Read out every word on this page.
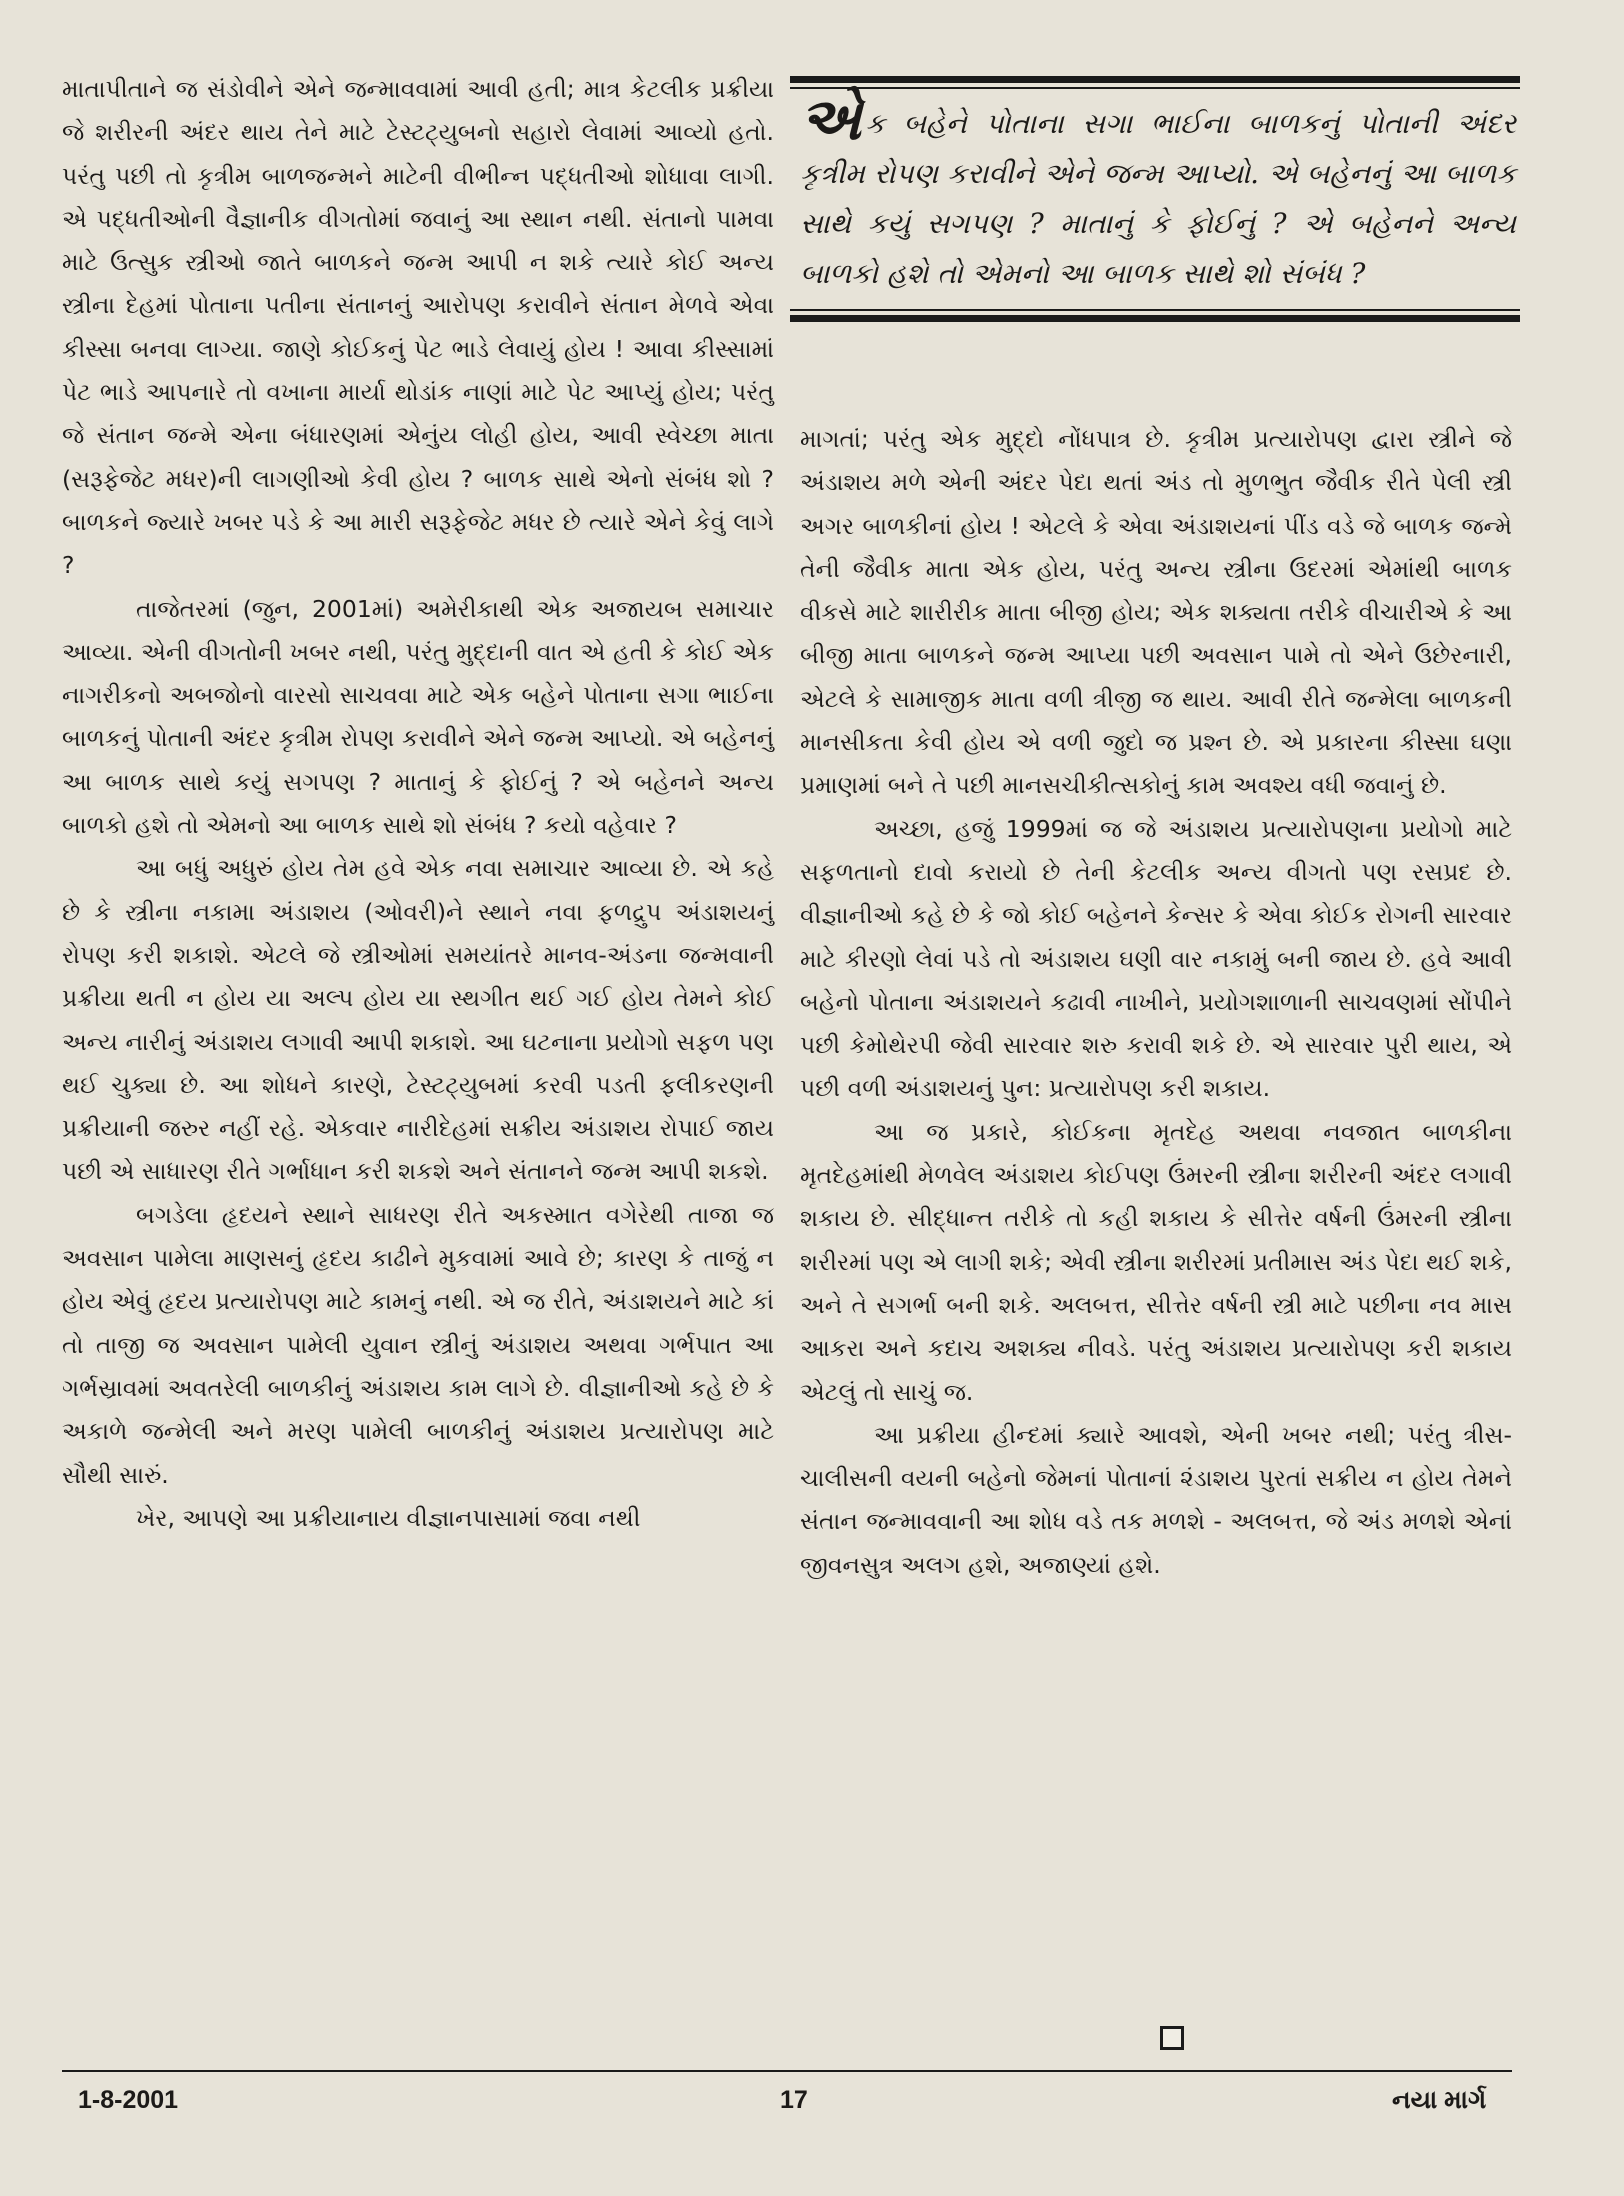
માતાપીતાને જ સંડોવીને એને જન્માવવામાં આવી હતી; માત્ર કેટલીક પ્રક્રીયા જે શરીરની અંદર થાય તેને માટે ટેસ્ટટ્યુબનો સહારો લેવામાં આવ્યો હતો. પરંતુ પછી તો કૃત્રીમ બાળજન્મને માટેની વીભીન્ન પદ્ધતીઓ શોધાવા લાગી. એ પદ્ધતીઓની વૈજ્ઞાનીક વીગતોમાં જવાનું આ સ્થાન નથી. સંતાનો પામવા માટે ઉત્સુક સ્ત્રીઓ જાતે બાળકને જન્મ આપી ન શકે ત્યારે કોઈ અન્ય સ્ત્રીના દેહમાં પોતાના પતીના સંતાનનું આરોપણ કરાવીને સંતાન મેળવે એવા કીસ્સા બનવા લાગ્યા. જાણે કોઈકનું પેટ ભાડે લેવાયું હોય ! આવા કીસ્સામાં પેટ ભાડે આપનારે તો વખાના માર્યા થોડાંક નાણાં માટે પેટ આપ્યું હોય; પરંતુ જે સંતાન જન્મે એના બંધારણમાં એનુંય લોહી હોય, આવી સ્વેચ્છા માતા (સરૂફેજેટ મધર)ની લાગણીઓ કેવી હોય ? બાળક સાથે એનો સંબંધ શો ? બાળકને જ્યારે ખબર પડે કે આ મારી સરૂફેજેટ મધર છે ત્યારે એને કેવું લાગે ?

તાજેતરમાં (જુન, 2001માં) અમેરીકાથી એક અજાયબ સમાચાર આવ્યા. એની વીગતોની ખબર નથી, પરંતુ મુદ્દાની વાત એ હતી કે કોઈ એક નાગરીકનો અબજોનો વારસો સાચવવા માટે એક બહેને પોતાના સગા ભાઈના બાળકનું પોતાની અંદર કૃત્રીમ રોપણ કરાવીને એને જન્મ આપ્યો. એ બહેનનું આ બાળક સાથે કયું સગપણ ? માતાનું કે ફોઈનું ? એ બહેનને અન્ય બાળકો હશે તો એમનો આ બાળક સાથે શો સંબંધ ? કયો વહેવાર ?

આ બધું અધુરું હોય તેમ હવે એક નવા સમાચાર આવ્યા છે. એ કહે છે કે સ્ત્રીના નકામા અંડાશય (ઓવરી)ને સ્થાને નવા ફળદ્રુપ અંડાશયનું રોપણ કરી શકાશે. એટલે જે સ્ત્રીઓમાં સમયાંતરે માનવ-અંડના જન્મવાની પ્રક્રીયા થતી ન હોય યા અલ્પ હોય યા સ્થગીત થઈ ગઈ હોય તેમને કોઈ અન્ય નારીનું અંડાશય લગાવી આપી શકાશે. આ ઘટનાના પ્રયોગો સફળ પણ થઈ ચુક્યા છે. આ શોધને કારણે, ટેસ્ટટ્યુબમાં કરવી પડતી ફલીકરણની પ્રક્રીયાની જરુર નહીં રહે. એકવાર નારીદેહમાં સક્રીય અંડાશય રોપાઈ જાય પછી એ સાધારણ રીતે ગર્ભાધાન કરી શકશે અને સંતાનને જન્મ આપી શકશે.

બગડેલા હૃદયને સ્થાને સાધરણ રીતે અકસ્માત વગેરેથી તાજા જ અવસાન પામેલા માણસનું હૃદય કાઢીને મુકવામાં આવે છે; કારણ કે તાજું ન હોય એવું હૃદય પ્રત્યારોપણ માટે કામનું નથી. એ જ રીતે, અંડાશયને માટે કાં તો તાજી જ અવસાન પામેલી યુવાન સ્ત્રીનું અંડાશય અથવા ગર્ભપાત આ ગર્ભસ્રાવમાં અવતરેલી બાળકીનું અંડાશય કામ લાગે છે. વીજ્ઞાનીઓ કહે છે કે અકાળે જન્મેલી અને મરણ પામેલી બાળકીનું અંડાશય પ્રત્યારોપણ માટે સૌથી સારું.

ખેર, આપણે આ પ્રક્રીયાનાય વીજ્ઞાનપાસામાં જવા નથી

એક બહેને પોતાના સગા ભાઈના બાળકનું પોતાની અંદર કૃત્રીમ રોપણ કરાવીને એને જન્મ આપ્યો. એ બહેનનું આ બાળક સાથે કયું સગપણ ? માતાનું કે ફોઈનું ? એ બહેનને અન્ય બાળકો હશે તો એમનો આ બાળક સાથે શો સંબંધ ?

માગતાં; પરંતુ એક મુદ્દો નોંધપાત્ર છે. કૃત્રીમ પ્રત્યારોપણ દ્વારા સ્ત્રીને જે અંડાશય મળે એની અંદર પેદા થતાં અંડ તો મુળભુત જૈવીક રીતે પેલી સ્ત્રી અગર બાળકીનાં હોય ! એટલે કે એવા અંડાશયનાં પીંડ વડે જે બાળક જન્મે તેની જૈવીક માતા એક હોય, પરંતુ અન્ય સ્ત્રીના ઉદરમાં એમાંથી બાળક વીકસે માટે શારીરીક માતા બીજી હોય; એક શક્યતા તરીકે વીચારીએ કે આ બીજી માતા બાળકને જન્મ આપ્યા પછી અવસાન પામે તો એને ઉછેરનારી, એટલે કે સામાજીક માતા વળી ત્રીજી જ થાય. આવી રીતે જન્મેલા બાળકની માનસીકતા કેવી હોય એ વળી જુદો જ પ્રશ્ન છે. એ પ્રકારના કીસ્સા ઘણા પ્રમાણમાં બને તે પછી માનસચીકીત્સકોનું કામ અવશ્ય વધી જવાનું છે.

અચ્છા, હજું 1999માં જ જે અંડાશય પ્રત્યારોપણના પ્રયોગો માટે સફળતાનો દાવો કરાયો છે તેની કેટલીક અન્ય વીગતો પણ રસપ્રદ છે. વીજ્ઞાનીઓ કહે છે કે જો કોઈ બહેનને કેન્સર કે એવા કોઈક રોગની સારવાર માટે કીરણો લેવાં પડે તો અંડાશય ઘણી વાર નકામું બની જાય છે. હવે આવી બહેનો પોતાના અંડાશયને કઢાવી નાખીને, પ્રયોગશાળાની સાચવણમાં સોંપીને પછી કેમોથેરપી જેવી સારવાર શરુ કરાવી શકે છે. એ સારવાર પુરી થાય, એ પછી વળી અંડાશયનું પુન: પ્રત્યારોપણ કરી શકાય.

આ જ પ્રકારે, કોઈકના મૃતદેહ અથવા નવજાત બાળકીના મૃતદેહમાંથી મેળવેલ અંડાશય કોઈપણ ઉંમરની સ્ત્રીના શરીરની અંદર લગાવી શકાય છે. સીદ્ધાન્ત તરીકે તો કહી શકાય કે સીત્તેર વર્ષની ઉંમરની સ્ત્રીના શરીરમાં પણ એ લાગી શકે; એવી સ્ત્રીના શરીરમાં પ્રતીમાસ અંડ પેદા થઈ શકે, અને તે સગર્ભા બની શકે. અલબત્ત, સીત્તેર વર્ષની સ્ત્રી માટે પછીના નવ માસ આકરા અને કદાચ અશક્ય નીવડે. પરંતુ અંડાશય પ્રત્યારોપણ કરી શકાય એટલું તો સાચું જ.

આ પ્રક્રીયા હીન્દમાં ક્યારે આવશે, એની ખબર નથી; પરંતુ ત્રીસ-ચાલીસની વયની બહેનો જેમનાં પોતાનાં ૨ંડાશય પુરતાં સક્રીય ન હોય તેમને સંતાન જન્માવવાની આ શોધ વડે તક મળશે - અલબત્ત, જે અંડ મળશે એનાં જીવનસુત્ર અલગ હશે, અજાણ્યાં હશે.

1-8-2001	17	નયા માર્ગ
